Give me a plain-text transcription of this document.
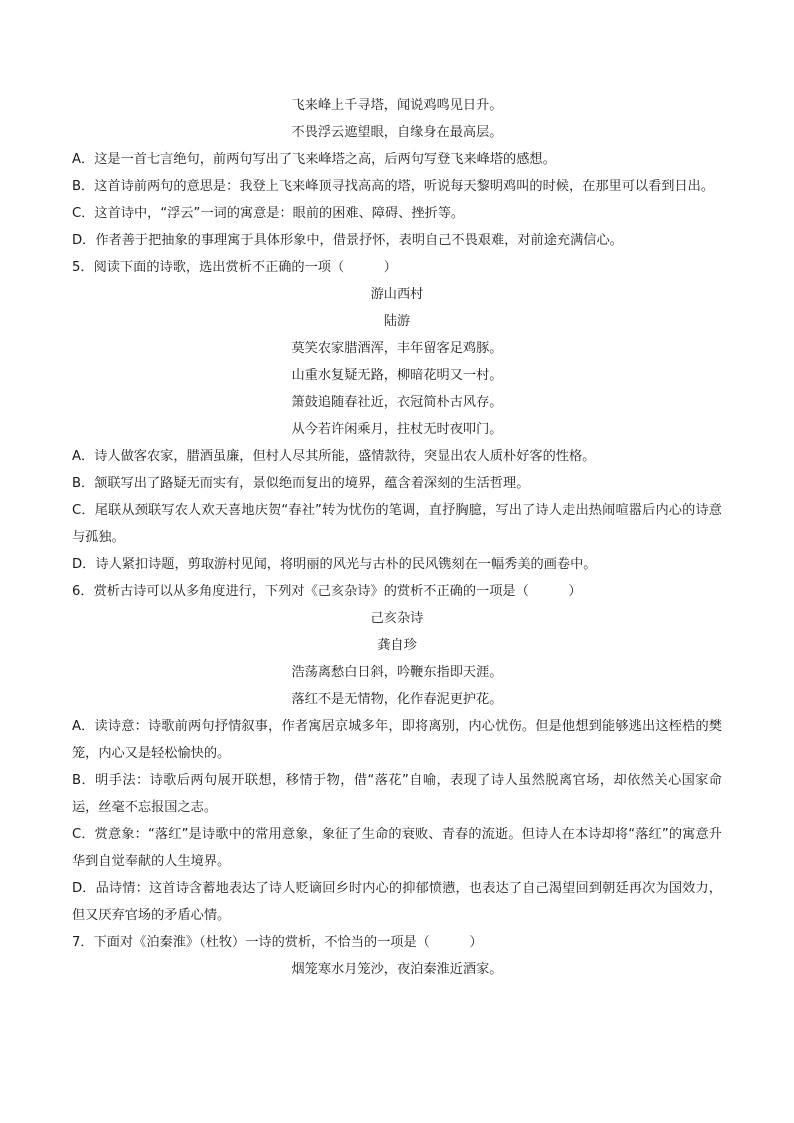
飞来峰上千寻塔，闻说鸡鸣见日升。
不畏浮云遮望眼，自缘身在最高层。
A．这是一首七言绝句，前两句写出了飞来峰塔之高，后两句写登飞来峰塔的感想。
B．这首诗前两句的意思是：我登上飞来峰顶寻找高高的塔，听说每天黎明鸡叫的时候，在那里可以看到日出。
C．这首诗中，“浮云”一词的寓意是：眼前的困难、障碍、挫折等。
D．作者善于把抽象的事理寓于具体形象中，借景抒怀，表明自己不畏艰难，对前途充满信心。
5．阅读下面的诗歌，选出赏析不正确的一项（　　　）
游山西村
陆游
莫笑农家腊酒浑，丰年留客足鸡豚。
山重水复疑无路，柳暗花明又一村。
箫鼓追随春社近，衣冠简朴古风存。
从今若许闲乘月，拄杖无时夜叩门。
A．诗人做客农家，腊酒虽廉，但村人尽其所能，盛情款待，突显出农人质朴好客的性格。
B．颔联写出了路疑无而实有，景似绝而复出的境界，蕴含着深刻的生活哲理。
C．尾联从颈联写农人欢天喜地庆贺“春社”转为忧伤的笔调，直抒胸臆，写出了诗人走出热闹喧嚣后内心的诗意与孤独。
D．诗人紧扣诗题，剪取游村见闻，将明丽的风光与古朴的民风镌刻在一幅秀美的画卷中。
6．赏析古诗可以从多角度进行，下列对《己亥杂诗》的赏析不正确的一项是（　　　）
己亥杂诗
龚自珍
浩荡离愁白日斜，吟鞭东指即天涯。
落红不是无情物，化作春泥更护花。
A．读诗意：诗歌前两句抒情叙事，作者寓居京城多年，即将离别，内心忧伤。但是他想到能够逃出这桎梏的樊笼，内心又是轻松愉快的。
B．明手法：诗歌后两句展开联想，移情于物，借“落花”自喻，表现了诗人虽然脱离官场，却依然关心国家命运，丝毫不忘报国之志。
C．赏意象：“落红”是诗歌中的常用意象，象征了生命的衰败、青春的流逝。但诗人在本诗却将“落红”的寓意升华到自觉奉献的人生境界。
D．品诗情：这首诗含蓄地表达了诗人贬谪回乡时内心的抑郁愤懑，也表达了自己渴望回到朝廷再次为国效力，但又厌弃官场的矛盾心情。
7．下面对《泊秦淮》（杜牧）一诗的赏析，不恰当的一项是（　　　）
烟笼寒水月笼沙，夜泊秦淮近酒家。
